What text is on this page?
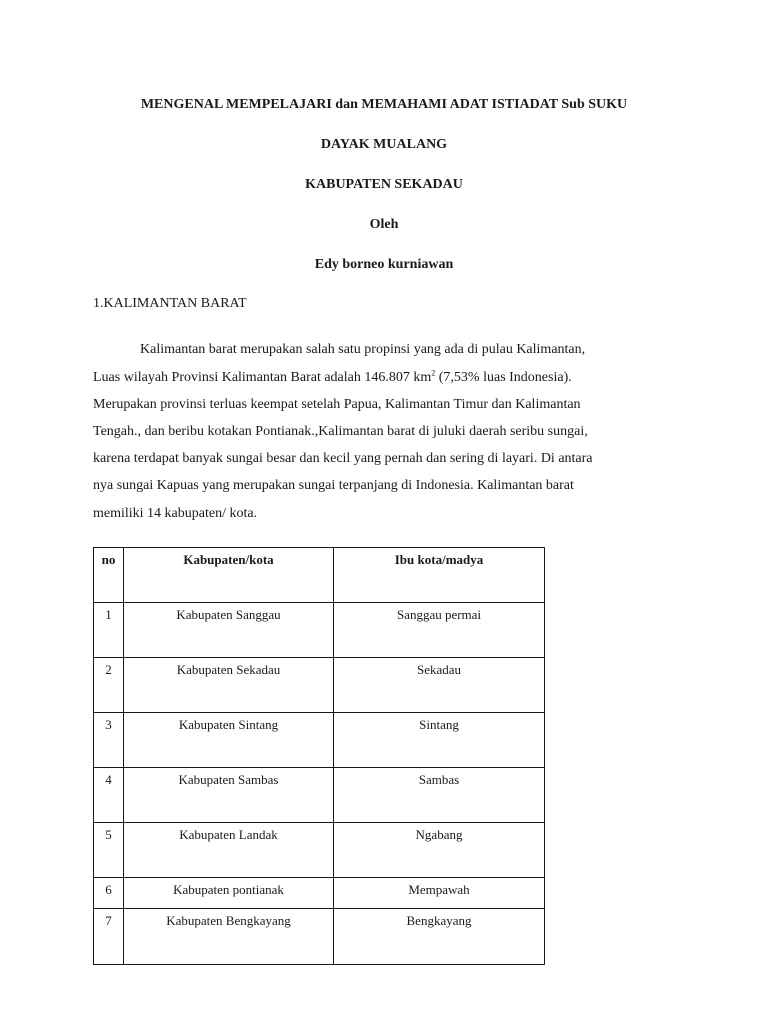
MENGENAL MEMPELAJARI dan MEMAHAMI ADAT ISTIADAT Sub SUKU
DAYAK MUALANG
KABUPATEN SEKADAU
Oleh
Edy borneo kurniawan
1.KALIMANTAN BARAT
Kalimantan barat merupakan salah satu propinsi yang ada di pulau Kalimantan,
Luas wilayah Provinsi Kalimantan Barat adalah 146.807 $km^2$ (7,53% luas Indonesia).
Merupakan provinsi terluas keempat setelah Papua, Kalimantan Timur dan Kalimantan
Tengah., dan beribu kotakan Pontianak.,Kalimantan barat di juluki daerah seribu sungai,
karena terdapat banyak sungai besar dan kecil yang pernah dan sering di layari. Di antara
nya sungai Kapuas yang merupakan sungai terpanjang di Indonesia. Kalimantan barat
memiliki 14 kabupaten/ kota.
no	Kabupaten/kota	Ibu kota/madya
1	Kabupaten Sanggau	Sanggau permai
2	Kabupaten Sekadau	Sekadau
3	Kabupaten Sintang	Sintang
4	Kabupaten Sambas	Sambas
5	Kabupaten Landak	Ngabang
6	Kabupaten pontianak	Mempawah
7	Kabupaten Bengkayang	Bengkayang
